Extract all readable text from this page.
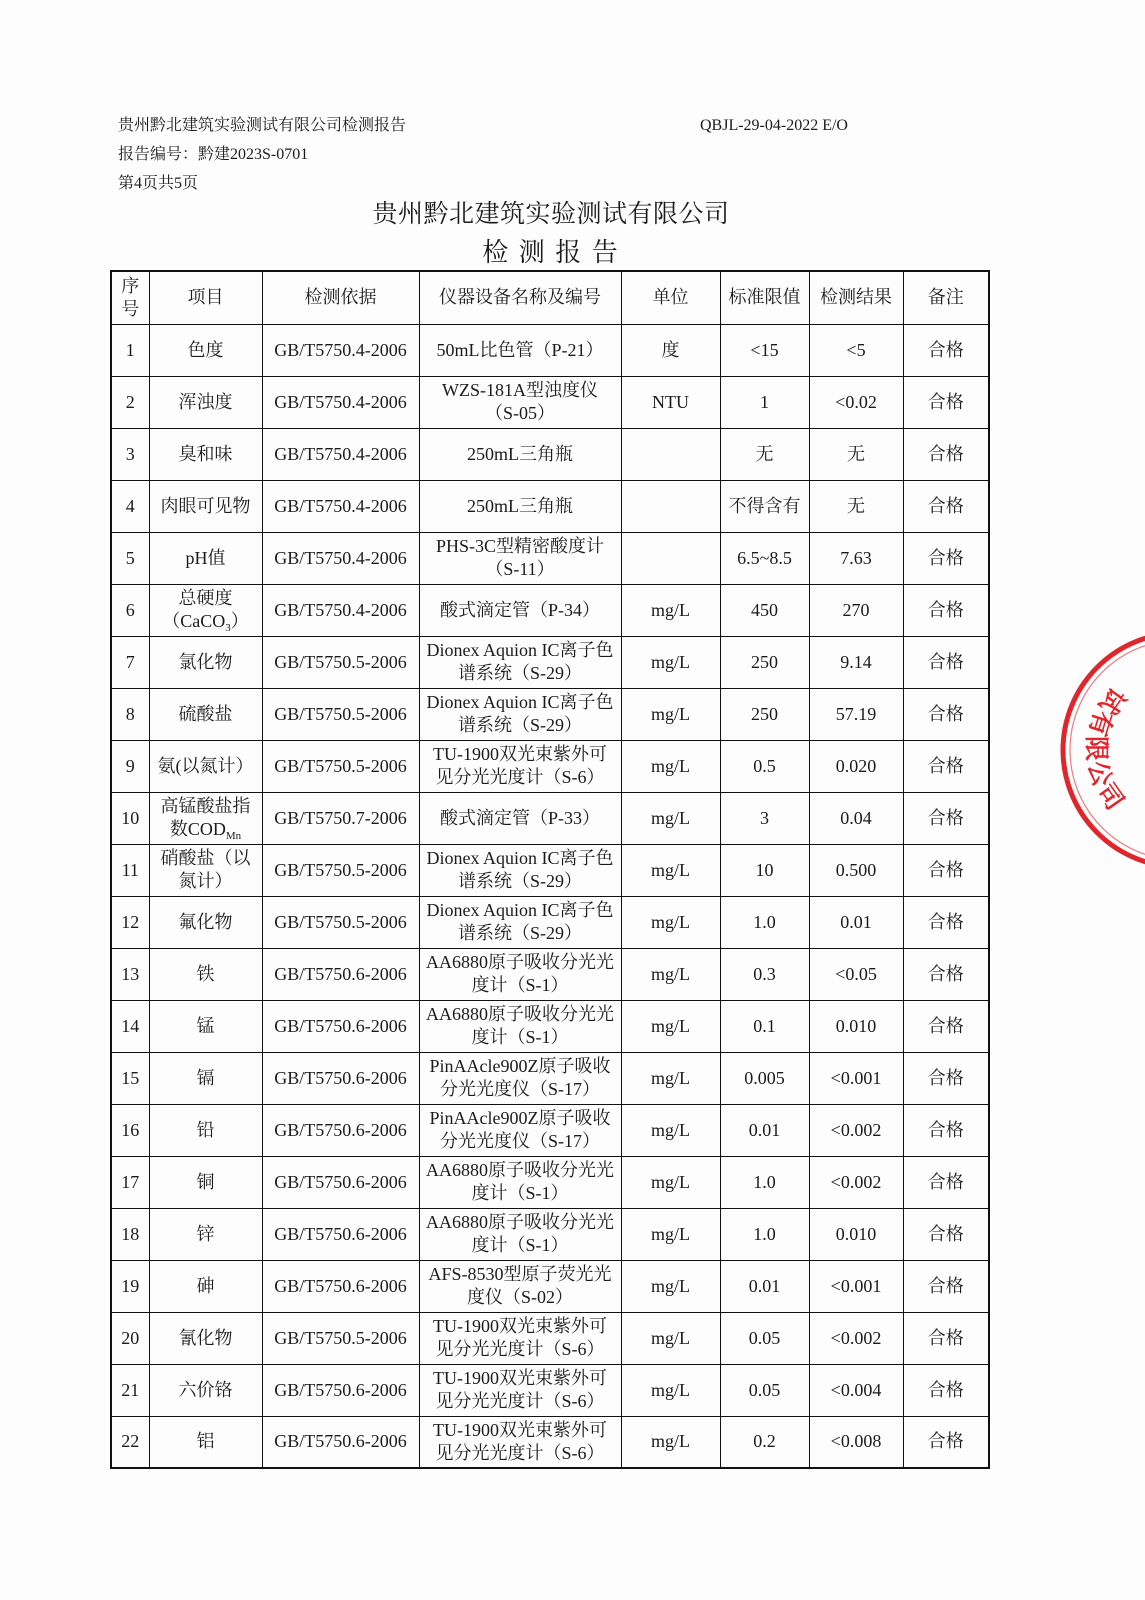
贵州黔北建筑实验测试有限公司检测报告	QBJL-29-04-2022 E/O
报告编号：黔建2023S-0701
第4页共5页
贵州黔北建筑实验测试有限公司
检 测 报 告
序号	项目	检测依据	仪器设备名称及编号	单位	标准限值	检测结果	备注
1	色度	GB/T5750.4-2006	50mL比色管（P-21）	度	<15	<5	合格
2	浑浊度	GB/T5750.4-2006	WZS-181A型浊度仪（S-05）	NTU	1	<0.02	合格
3	臭和味	GB/T5750.4-2006	250mL三角瓶		无	无	合格
4	肉眼可见物	GB/T5750.4-2006	250mL三角瓶		不得含有	无	合格
5	pH值	GB/T5750.4-2006	PHS-3C型精密酸度计（S-11）		6.5~8.5	7.63	合格
6	总硬度（CaCO$_3$）	GB/T5750.4-2006	酸式滴定管（P-34）	mg/L	450	270	合格
7	氯化物	GB/T5750.5-2006	Dionex Aquion IC离子色谱系统（S-29）	mg/L	250	9.14	合格
8	硫酸盐	GB/T5750.5-2006	Dionex Aquion IC离子色谱系统（S-29）	mg/L	250	57.19	合格
9	氨(以氮计）	GB/T5750.5-2006	TU-1900双光束紫外可见分光光度计（S-6）	mg/L	0.5	0.020	合格
10	高锰酸盐指数$COD_{Mn}$	GB/T5750.7-2006	酸式滴定管（P-33）	mg/L	3	0.04	合格
11	硝酸盐（以氮计）	GB/T5750.5-2006	Dionex Aquion IC离子色谱系统（S-29）	mg/L	10	0.500	合格
12	氟化物	GB/T5750.5-2006	Dionex Aquion IC离子色谱系统（S-29）	mg/L	1.0	0.01	合格
13	铁	GB/T5750.6-2006	AA6880原子吸收分光光度计（S-1）	mg/L	0.3	<0.05	合格
14	锰	GB/T5750.6-2006	AA6880原子吸收分光光度计（S-1）	mg/L	0.1	0.010	合格
15	镉	GB/T5750.6-2006	PinAAcle900Z原子吸收分光光度仪（S-17）	mg/L	0.005	<0.001	合格
16	铅	GB/T5750.6-2006	PinAAcle900Z原子吸收分光光度仪（S-17）	mg/L	0.01	<0.002	合格
17	铜	GB/T5750.6-2006	AA6880原子吸收分光光度计（S-1）	mg/L	1.0	<0.002	合格
18	锌	GB/T5750.6-2006	AA6880原子吸收分光光度计（S-1）	mg/L	1.0	0.010	合格
19	砷	GB/T5750.6-2006	AFS-8530型原子荧光光度仪（S-02）	mg/L	0.01	<0.001	合格
20	氰化物	GB/T5750.5-2006	TU-1900双光束紫外可见分光光度计（S-6）	mg/L	0.05	<0.002	合格
21	六价铬	GB/T5750.6-2006	TU-1900双光束紫外可见分光光度计（S-6）	mg/L	0.05	<0.004	合格
22	铝	GB/T5750.6-2006	TU-1900双光束紫外可见分光光度计（S-6）	mg/L	0.2	<0.008	合格
试有限公司
